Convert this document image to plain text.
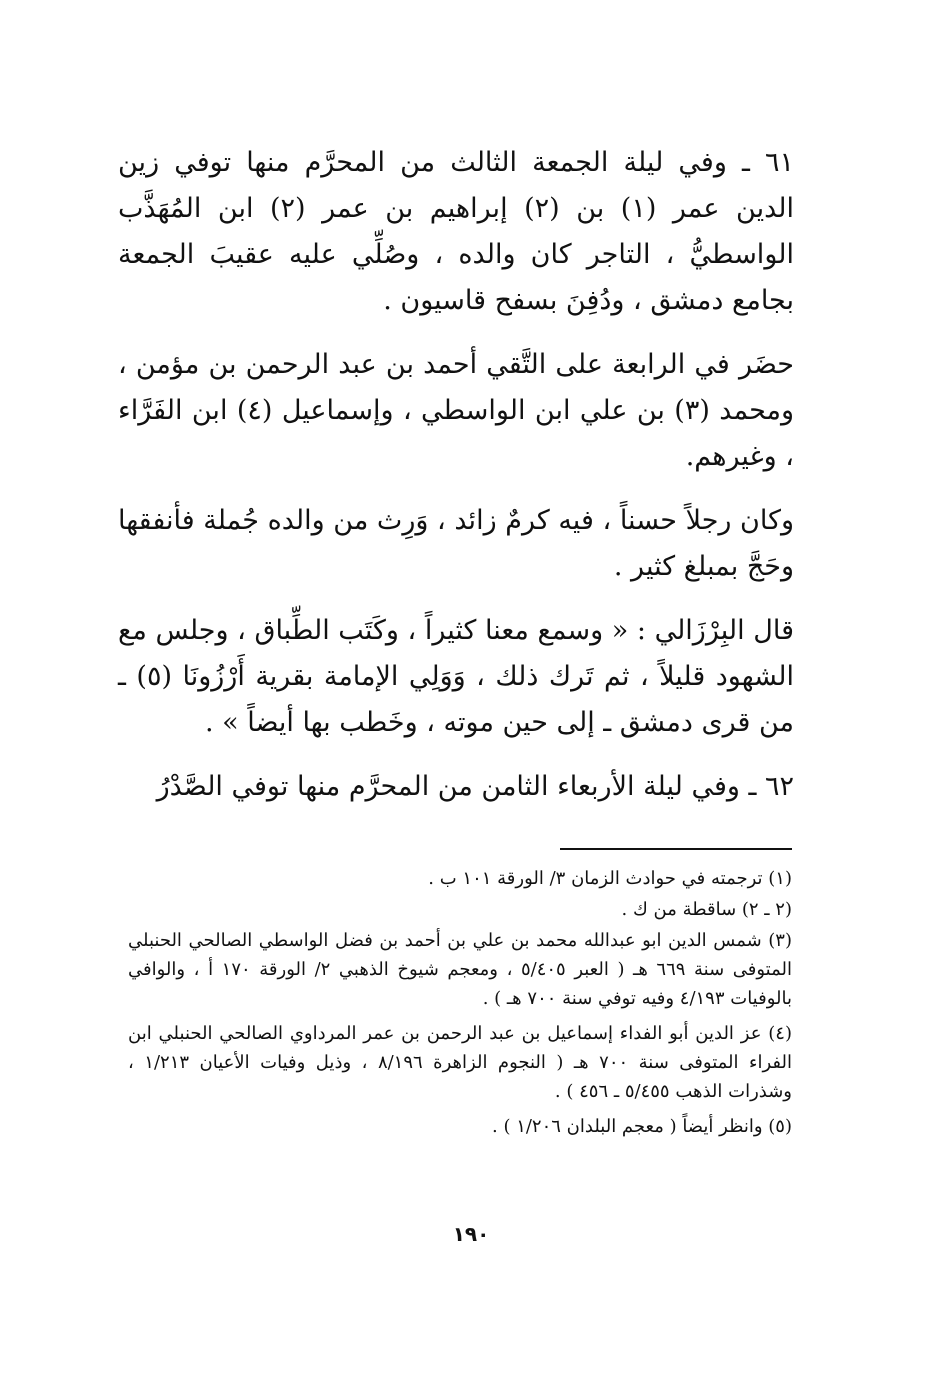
٦١ ـ وفي ليلة الجمعة الثالث من المحرَّم منها توفي زين الدين عمر (١) بن (٢) إبراهيم بن عمر (٢) ابن المُهَذَّب الواسطيُّ ، التاجر كان والده ، وصُلِّي عليه عقيبَ الجمعة بجامع دمشق ، ودُفِنَ بسفح قاسيون .

حضَر في الرابعة على التَّقي أحمد بن عبد الرحمن بن مؤمن ، ومحمد (٣) بن علي ابن الواسطي ، وإسماعيل (٤) ابن الفَرَّاء ، وغيرهم.

وكان رجلاً حسناً ، فيه كرمٌ زائد ، وَرِث من والده جُملة فأنفقها وحَجَّ بمبلغ كثير .

قال البِرْزَالي : « وسمع معنا كثيراً ، وكَتَب الطِّباق ، وجلس مع الشهود قليلاً ، ثم تَرك ذلك ، وَوَلِي الإمامة بقرية أَرْزُونَا (٥) ـ من قرى دمشق ـ إلى حين موته ، وخَطب بها أيضاً » .

٦٢ ـ وفي ليلة الأربعاء الثامن من المحرَّم منها توفي الصَّدْرُ

(١) ترجمته في حوادث الزمان ٣/ الورقة ١٠١ ب .

(٢ ـ ٢) ساقطة من ك .

(٣) شمس الدين ابو عبدالله محمد بن علي بن أحمد بن فضل الواسطي الصالحي الحنبلي المتوفى سنة ٦٦٩ هـ ( العبر ٥/٤٠٥ ، ومعجم شيوخ الذهبي ٢/ الورقة ١٧٠ أ ، والوافي بالوفيات ٤/١٩٣ وفيه توفي سنة ٧٠٠ هـ ) .

(٤) عز الدين أبو الفداء إسماعيل بن عبد الرحمن بن عمر المرداوي الصالحي الحنبلي ابن الفراء المتوفى سنة ٧٠٠ هـ ( النجوم الزاهرة ٨/١٩٦ ، وذيل وفيات الأعيان ١/٢١٣ ، وشذرات الذهب ٥/٤٥٥ ـ ٤٥٦ ) .

(٥) وانظر أيضاً ( معجم البلدان ١/٢٠٦ ) .

١٩٠
